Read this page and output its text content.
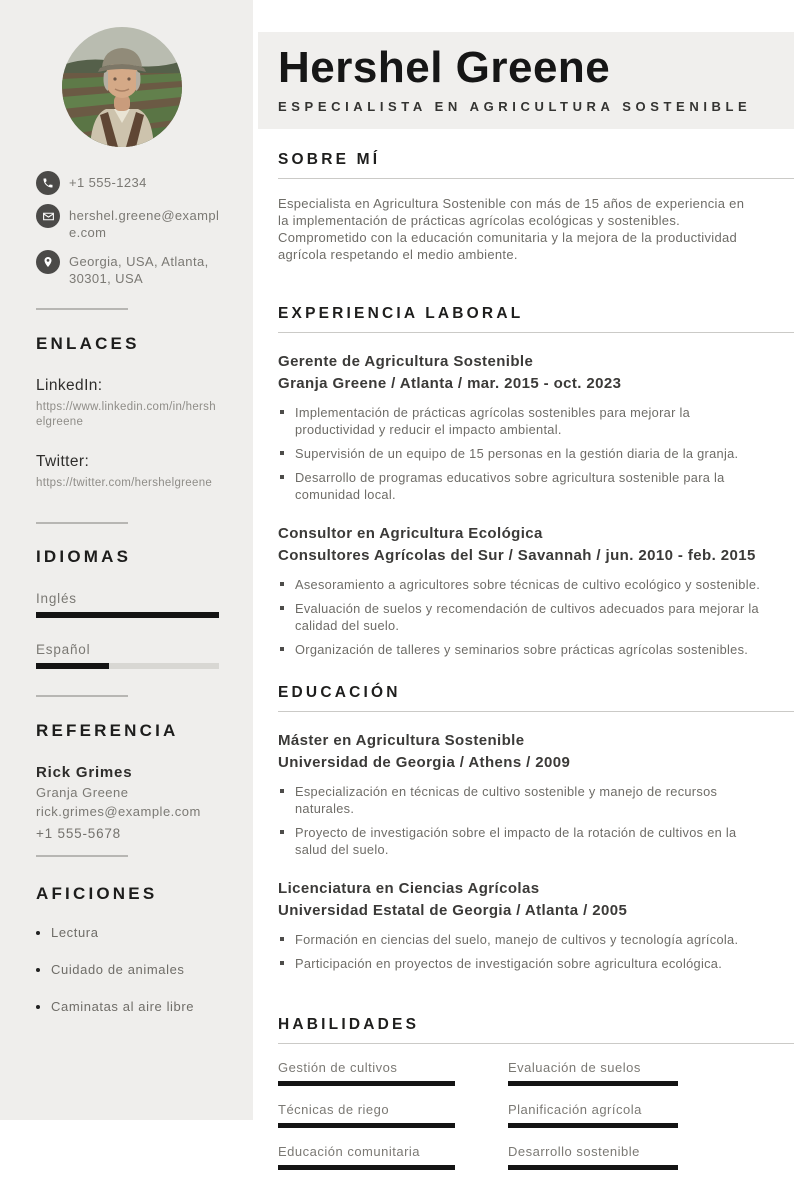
+1 555-1234
hershel.greene@example.com
Georgia, USA, Atlanta, 30301, USA
ENLACES
LinkedIn:
https://www.linkedin.com/in/hershelgreene
Twitter:
https://twitter.com/hershelgreene
IDIOMAS
Inglés
Español
REFERENCIA
Rick Grimes
Granja Greene
rick.grimes@example.com
+1 555-5678
AFICIONES
Lectura
Cuidado de animales
Caminatas al aire libre
Hershel Greene
ESPECIALISTA EN AGRICULTURA SOSTENIBLE
SOBRE MÍ

Especialista en Agricultura Sostenible con más de 15 años de experiencia en la implementación de prácticas agrícolas ecológicas y sostenibles. Comprometido con la educación comunitaria y la mejora de la productividad agrícola respetando el medio ambiente.

EXPERIENCIA LABORAL
Gerente de Agricultura Sostenible
Granja Greene / Atlanta / mar. 2015 - oct. 2023
Implementación de prácticas agrícolas sostenibles para mejorar la productividad y reducir el impacto ambiental.
Supervisión de un equipo de 15 personas en la gestión diaria de la granja.
Desarrollo de programas educativos sobre agricultura sostenible para la comunidad local.
Consultor en Agricultura Ecológica
Consultores Agrícolas del Sur / Savannah / jun. 2010 - feb. 2015
Asesoramiento a agricultores sobre técnicas de cultivo ecológico y sostenible.
Evaluación de suelos y recomendación de cultivos adecuados para mejorar la calidad del suelo.
Organización de talleres y seminarios sobre prácticas agrícolas sostenibles.
EDUCACIÓN
Máster en Agricultura Sostenible
Universidad de Georgia / Athens / 2009
Especialización en técnicas de cultivo sostenible y manejo de recursos naturales.
Proyecto de investigación sobre el impacto de la rotación de cultivos en la salud del suelo.
Licenciatura en Ciencias Agrícolas
Universidad Estatal de Georgia / Atlanta / 2005
Formación en ciencias del suelo, manejo de cultivos y tecnología agrícola.
Participación en proyectos de investigación sobre agricultura ecológica.
HABILIDADES
Gestión de cultivos	Evaluación de suelos
Técnicas de riego	Planificación agrícola
Educación comunitaria	Desarrollo sostenible
